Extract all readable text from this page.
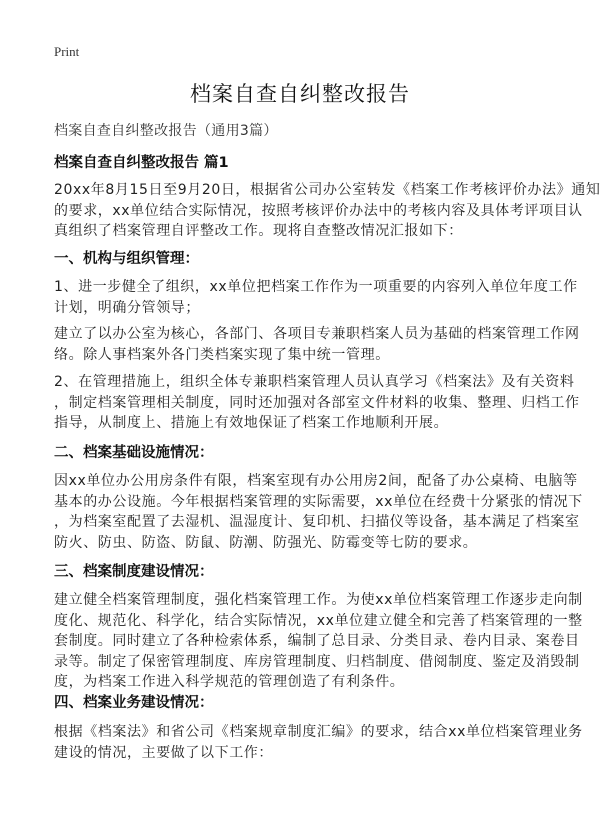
Print
档案自查自纠整改报告
档案自查自纠整改报告（通用3篇）
档案自查自纠整改报告 篇1
20xx年8月15日至9月20日，根据省公司办公室转发《档案工作考核评价办法》通知
的要求，xx单位结合实际情况，按照考核评价办法中的考核内容及具体考评项目认
真组织了档案管理自评整改工作。现将自查整改情况汇报如下：
一、机构与组织管理：
1、进一步健全了组织，xx单位把档案工作作为一项重要的内容列入单位年度工作
计划，明确分管领导；
建立了以办公室为核心，各部门、各项目专兼职档案人员为基础的档案管理工作网
络。除人事档案外各门类档案实现了集中统一管理。
2、在管理措施上，组织全体专兼职档案管理人员认真学习《档案法》及有关资料
，制定档案管理相关制度，同时还加强对各部室文件材料的收集、整理、归档工作
指导，从制度上、措施上有效地保证了档案工作地顺利开展。
二、档案基础设施情况：
因xx单位办公用房条件有限，档案室现有办公用房2间，配备了办公桌椅、电脑等
基本的办公设施。今年根据档案管理的实际需要，xx单位在经费十分紧张的情况下
，为档案室配置了去湿机、温湿度计、复印机、扫描仪等设备，基本满足了档案室
防火、防虫、防盗、防鼠、防潮、防强光、防霉变等七防的要求。
三、档案制度建设情况：
建立健全档案管理制度，强化档案管理工作。为使xx单位档案管理工作逐步走向制
度化、规范化、科学化，结合实际情况，xx单位建立健全和完善了档案管理的一整
套制度。同时建立了各种检索体系，编制了总目录、分类目录、卷内目录、案卷目
录等。制定了保密管理制度、库房管理制度、归档制度、借阅制度、鉴定及消毁制
度，为档案工作进入科学规范的管理创造了有利条件。
四、档案业务建设情况：
根据《档案法》和省公司《档案规章制度汇编》的要求，结合xx单位档案管理业务
建设的情况，主要做了以下工作：
